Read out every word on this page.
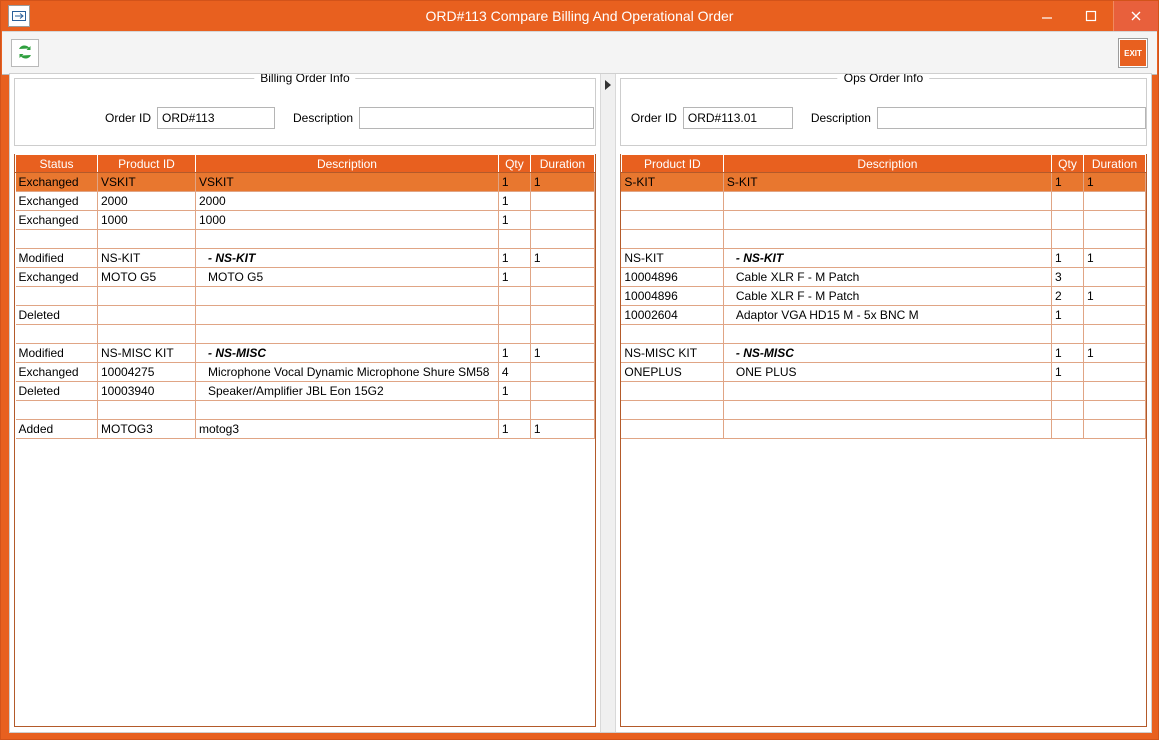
ORD#113 Compare Billing And Operational Order
EXIT
Billing Order Info
Order ID ORD#113	Description
Status	Product ID	Description	Qty	Duration
Exchanged	VSKIT	VSKIT	1	1
Exchanged	2000	2000	1	
Exchanged	1000	1000	1	

Modified	NS-KIT	- NS-KIT	1	1
Exchanged	MOTO G5	MOTO G5	1	

Deleted				

Modified	NS-MISC KIT	- NS-MISC	1	1
Exchanged	10004275	Microphone Vocal Dynamic Microphone Shure SM58	4	
Deleted	10003940	Speaker/Amplifier JBL Eon 15G2	1	

Added	MOTOG3	motog3	1	1
Ops Order Info
Order ID ORD#113.01	Description
Product ID	Description	Qty	Duration
S-KIT	S-KIT	1	1

NS-KIT	- NS-KIT	1	1
10004896	Cable XLR F - M Patch	3	
10004896	Cable XLR F - M Patch	2	1
10002604	Adaptor VGA HD15 M - 5x BNC M	1	

NS-MISC KIT	- NS-MISC	1	1
ONEPLUS	ONE PLUS	1	
